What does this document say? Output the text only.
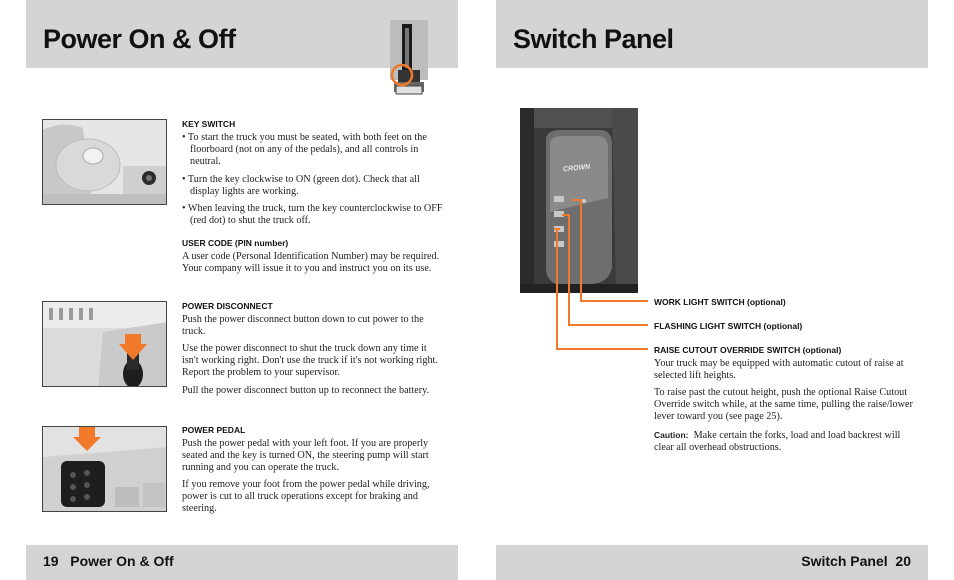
Power On & Off
KEY SWITCH
• To start the truck you must be seated, with both feet on the floorboard (not on any of the pedals), and all controls in neutral.
• Turn the key clockwise to ON (green dot). Check that all display lights are working.
• When leaving the truck, turn the key counterclockwise to OFF (red dot) to shut the truck off.
USER CODE (PIN number)
A user code (Personal Identification Number) may be required. Your company will issue it to you and instruct you on its use.
POWER DISCONNECT
Push the power disconnect button down to cut power to the truck.
Use the power disconnect to shut the truck down any time it isn't working right. Don't use the truck if it's not working right. Report the problem to your supervisor.
Pull the power disconnect button up to reconnect the battery.
POWER PEDAL
Push the power pedal with your left foot. If you are properly seated and the key is turned ON, the steering pump will start running and you can operate the truck.
If you remove your foot from the power pedal while driving, power is cut to all truck operations except for braking and steering.
19   Power On & Off
Switch Panel
CROWN
WORK LIGHT SWITCH (optional)
FLASHING LIGHT SWITCH (optional)
RAISE CUTOUT OVERRIDE SWITCH (optional)
Your truck may be equipped with automatic cutout of raise at selected lift heights.
To raise past the cutout height, push the optional Raise Cutout Override switch while, at the same time, pulling the raise/lower lever toward you (see page 25).
Caution:  Make certain the forks, load and load backrest will clear all overhead obstructions.
Switch Panel  20
